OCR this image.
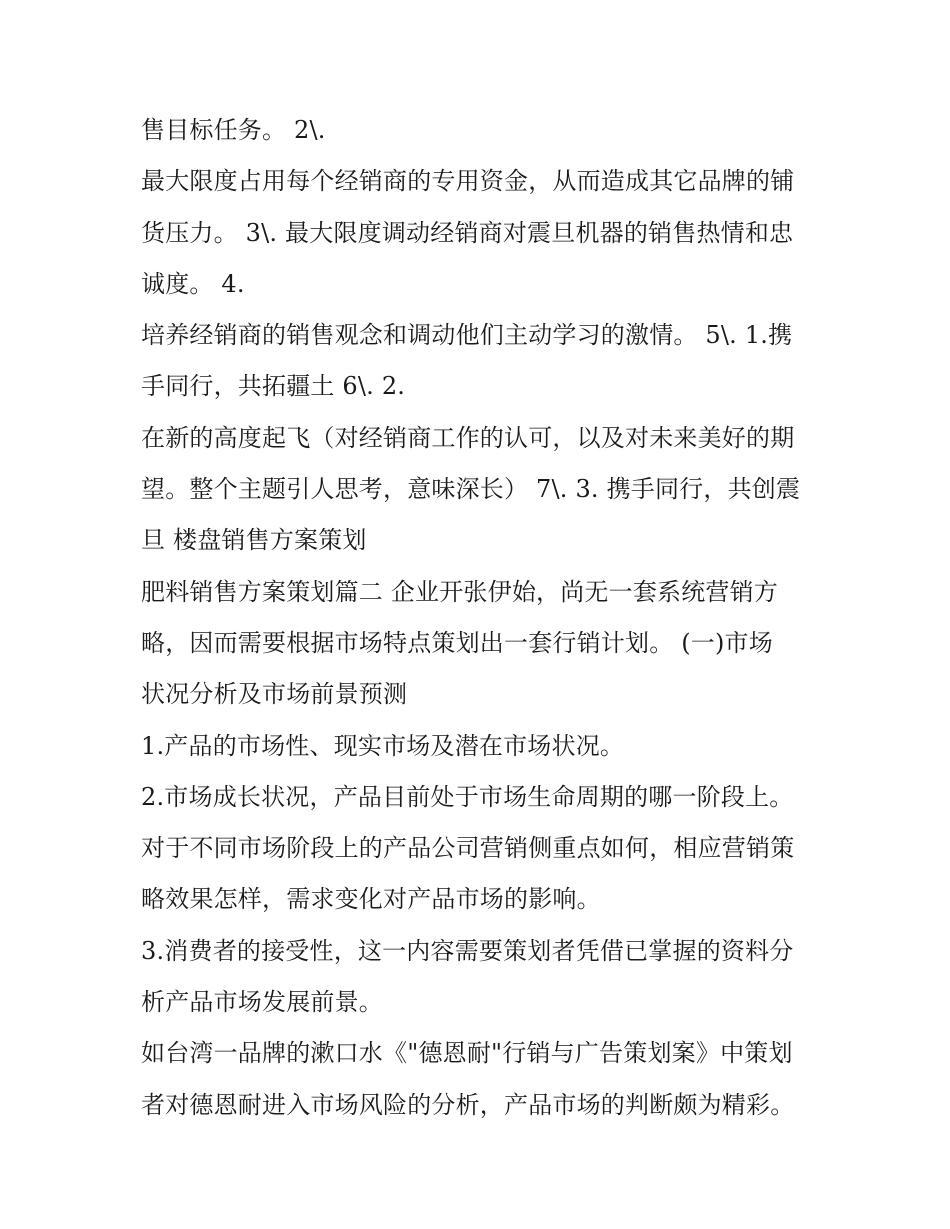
售目标任务。 2\.
最大限度占用每个经销商的专用资金，从而造成其它品牌的铺
货压力。 3\. 最大限度调动经销商对震旦机器的销售热情和忠
诚度。 4.
培养经销商的销售观念和调动他们主动学习的激情。 5\. 1.携
手同行，共拓疆土 6\. 2.
在新的高度起飞（对经销商工作的认可，以及对未来美好的期
望。整个主题引人思考，意味深长） 7\. 3. 携手同行，共创震
旦 楼盘销售方案策划
肥料销售方案策划篇二 企业开张伊始，尚无一套系统营销方
略，因而需要根据市场特点策划出一套行销计划。 (一)市场
状况分析及市场前景预测
1.产品的市场性、现实市场及潜在市场状况。
2.市场成长状况，产品目前处于市场生命周期的哪一阶段上。
对于不同市场阶段上的产品公司营销侧重点如何，相应营销策
略效果怎样，需求变化对产品市场的影响。
3.消费者的接受性，这一内容需要策划者凭借已掌握的资料分
析产品市场发展前景。
如台湾一品牌的漱口水《"德恩耐"行销与广告策划案》中策划
者对德恩耐进入市场风险的分析，产品市场的判断颇为精彩。
